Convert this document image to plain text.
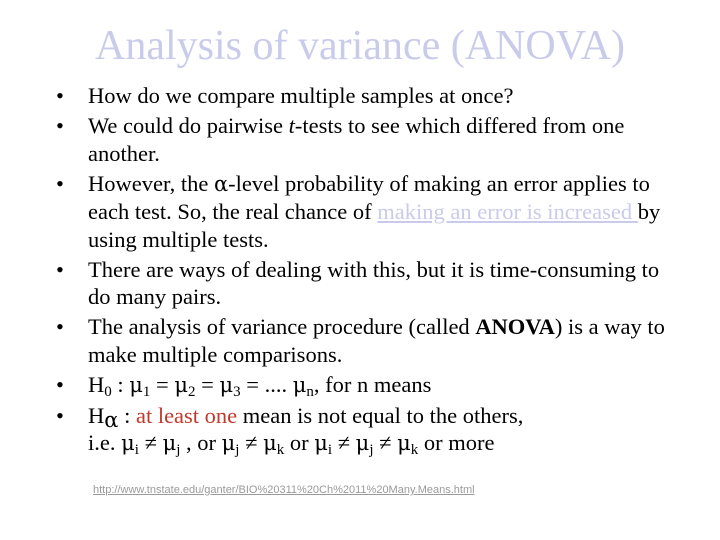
Analysis of variance (ANOVA)
• How do we compare multiple samples at once?
• We could do pairwise t-tests to see which differed from one another.
• However, the α-level probability of making an error applies to each test. So, the real chance of making an error is increased by using multiple tests.
• There are ways of dealing with this, but it is time-consuming to do many pairs.
• The analysis of variance procedure (called ANOVA) is a way to make multiple comparisons.
• $H_0$ : $\mu_1 = \mu_2 = \mu_3$ = .... $\mu_n$, for n means
• $H_\alpha$ : at least one mean is not equal to the others,
i.e. $\mu_i \ne \mu_j$ , or $\mu_j \ne \mu_k$ or $\mu_i \ne \mu_j \ne \mu_k$ or more
http://www.tnstate.edu/ganter/BIO%20311%20Ch%2011%20Many.Means.html
